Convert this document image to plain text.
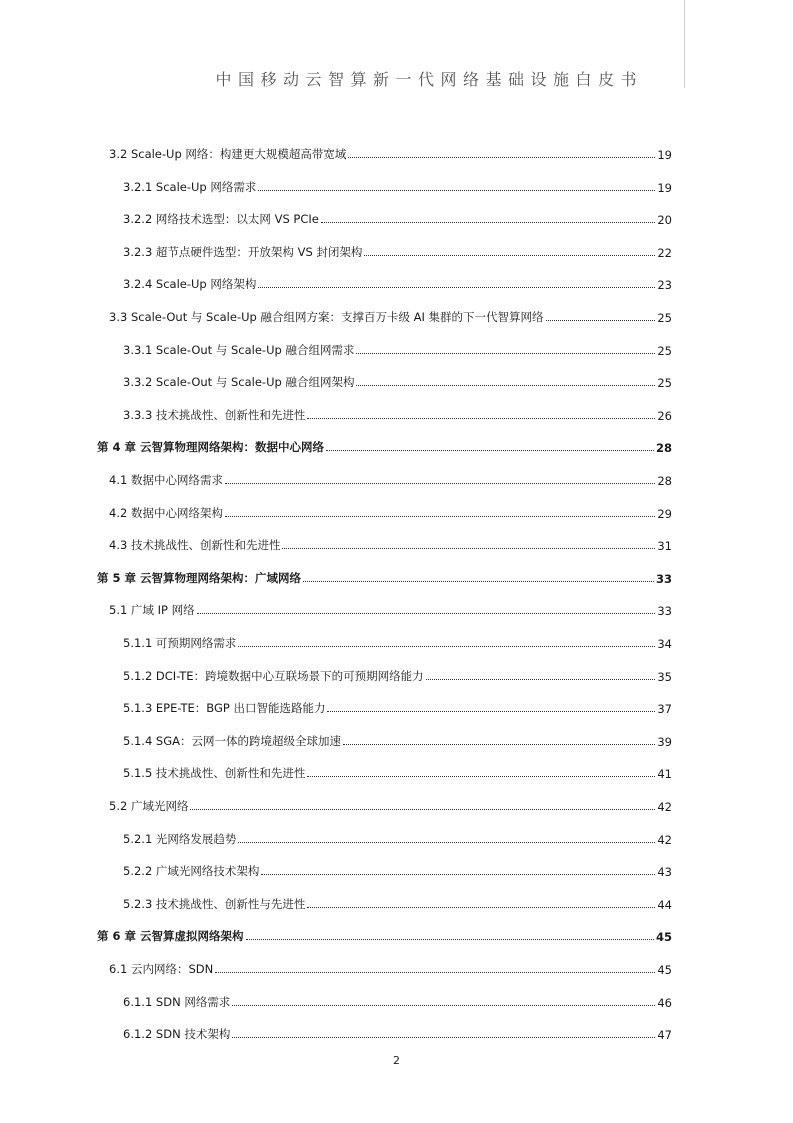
中国移动云智算新一代网络基础设施白皮书
3.2 Scale-Up 网络：构建更大规模超高带宽域	19
3.2.1 Scale-Up 网络需求	19
3.2.2 网络技术选型：以太网 VS PCIe	20
3.2.3 超节点硬件选型：开放架构 VS 封闭架构	22
3.2.4 Scale-Up 网络架构	23
3.3 Scale-Out 与 Scale-Up 融合组网方案：支撑百万卡级 AI 集群的下一代智算网络	25
3.3.1 Scale-Out 与 Scale-Up 融合组网需求	25
3.3.2 Scale-Out 与 Scale-Up 融合组网架构	25
3.3.3 技术挑战性、创新性和先进性	26
第 4 章 云智算物理网络架构：数据中心网络	28
4.1 数据中心网络需求	28
4.2 数据中心网络架构	29
4.3 技术挑战性、创新性和先进性	31
第 5 章 云智算物理网络架构：广域网络	33
5.1 广域 IP 网络	33
5.1.1 可预期网络需求	34
5.1.2 DCI-TE：跨境数据中心互联场景下的可预期网络能力	35
5.1.3 EPE-TE：BGP 出口智能选路能力	37
5.1.4 SGA：云网一体的跨境超级全球加速	39
5.1.5 技术挑战性、创新性和先进性	41
5.2 广域光网络	42
5.2.1 光网络发展趋势	42
5.2.2 广域光网络技术架构	43
5.2.3 技术挑战性、创新性与先进性	44
第 6 章 云智算虚拟网络架构	45
6.1 云内网络：SDN	45
6.1.1 SDN 网络需求	46
6.1.2 SDN 技术架构	47
2
